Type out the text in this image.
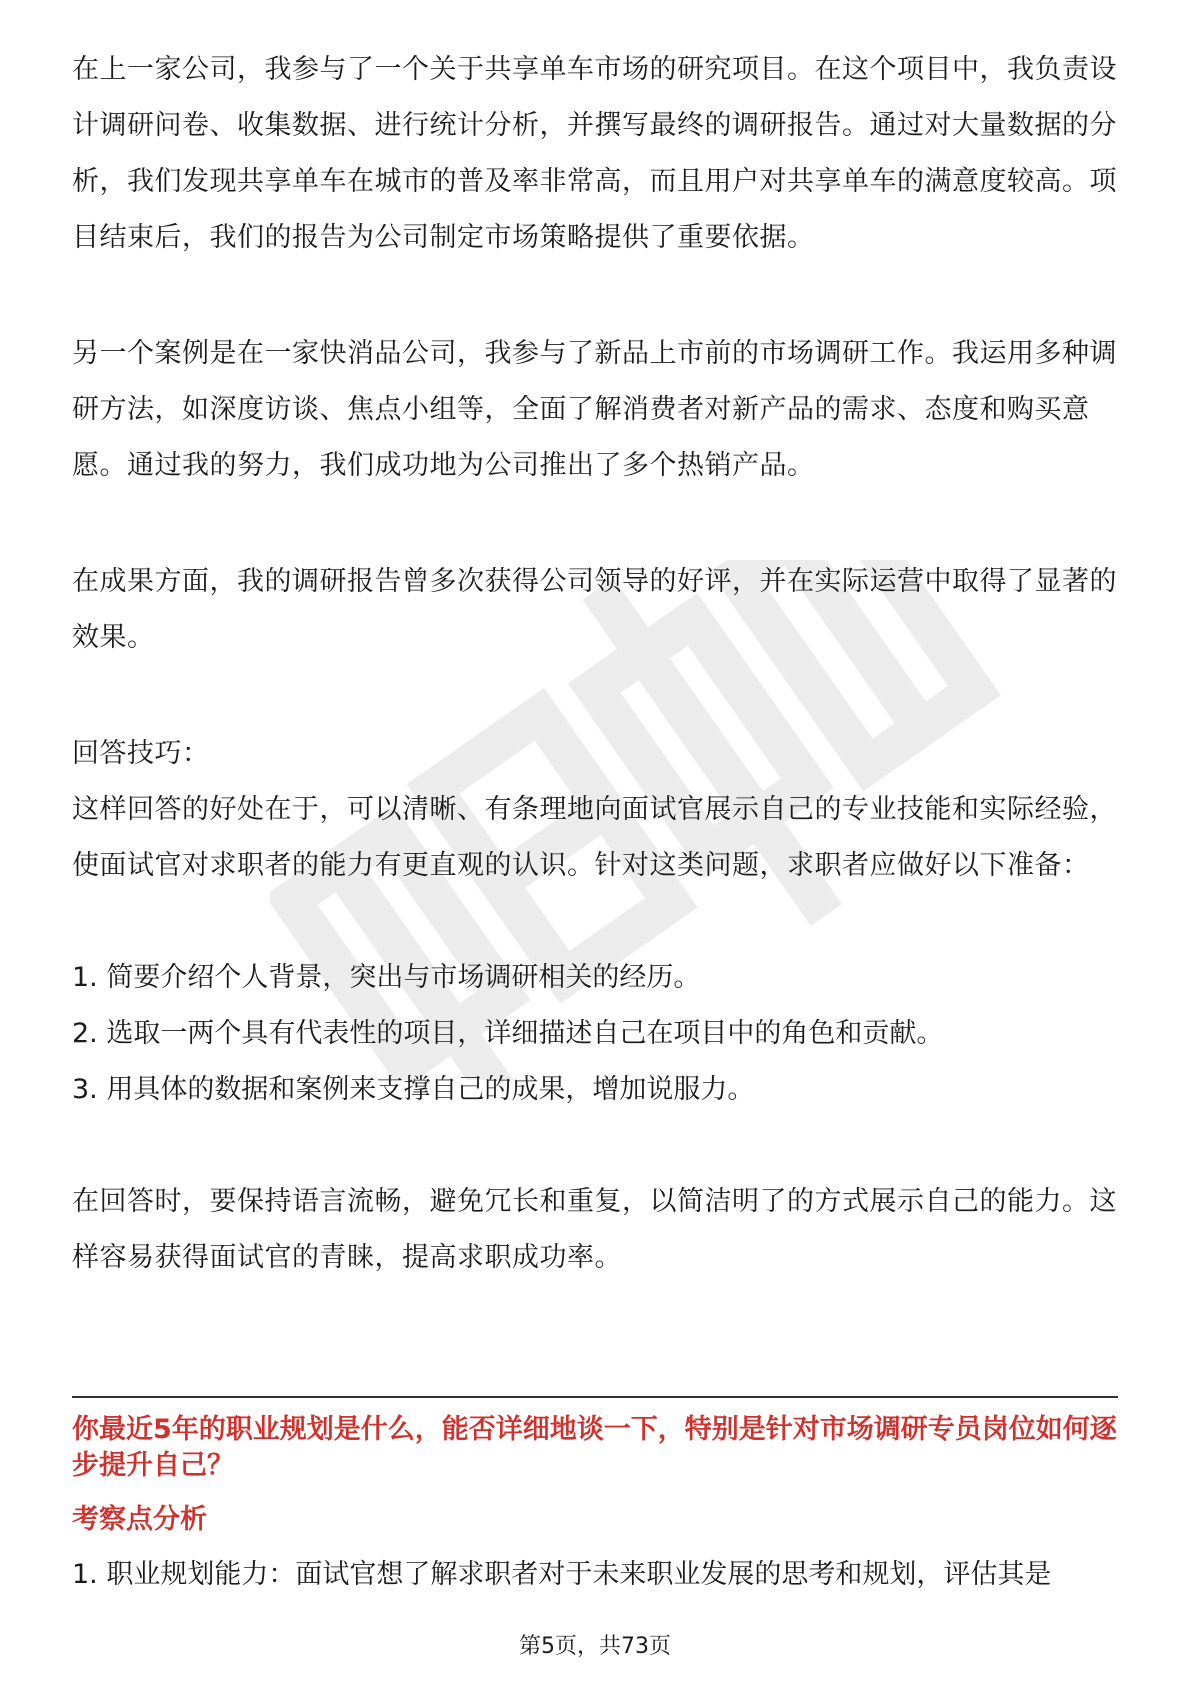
在上一家公司，我参与了一个关于共享单车市场的研究项目。在这个项目中，我负责设计调研问卷、收集数据、进行统计分析，并撰写最终的调研报告。通过对大量数据的分析，我们发现共享单车在城市的普及率非常高，而且用户对共享单车的满意度较高。项目结束后，我们的报告为公司制定市场策略提供了重要依据。

另一个案例是在一家快消品公司，我参与了新品上市前的市场调研工作。我运用多种调研方法，如深度访谈、焦点小组等，全面了解消费者对新产品的需求、态度和购买意愿。通过我的努力，我们成功地为公司推出了多个热销产品。

在成果方面，我的调研报告曾多次获得公司领导的好评，并在实际运营中取得了显著的效果。

回答技巧：

这样回答的好处在于，可以清晰、有条理地向面试官展示自己的专业技能和实际经验，使面试官对求职者的能力有更直观的认识。针对这类问题，求职者应做好以下准备：

1. 简要介绍个人背景，突出与市场调研相关的经历。

2. 选取一两个具有代表性的项目，详细描述自己在项目中的角色和贡献。

3. 用具体的数据和案例来支撑自己的成果，增加说服力。

在回答时，要保持语言流畅，避免冗长和重复，以简洁明了的方式展示自己的能力。这样容易获得面试官的青睐，提高求职成功率。

你最近5年的职业规划是什么，能否详细地谈一下，特别是针对市场调研专员岗位如何逐步提升自己？

考察点分析

1. 职业规划能力：面试官想了解求职者对于未来职业发展的思考和规划，评估其是

第5页，共73页
